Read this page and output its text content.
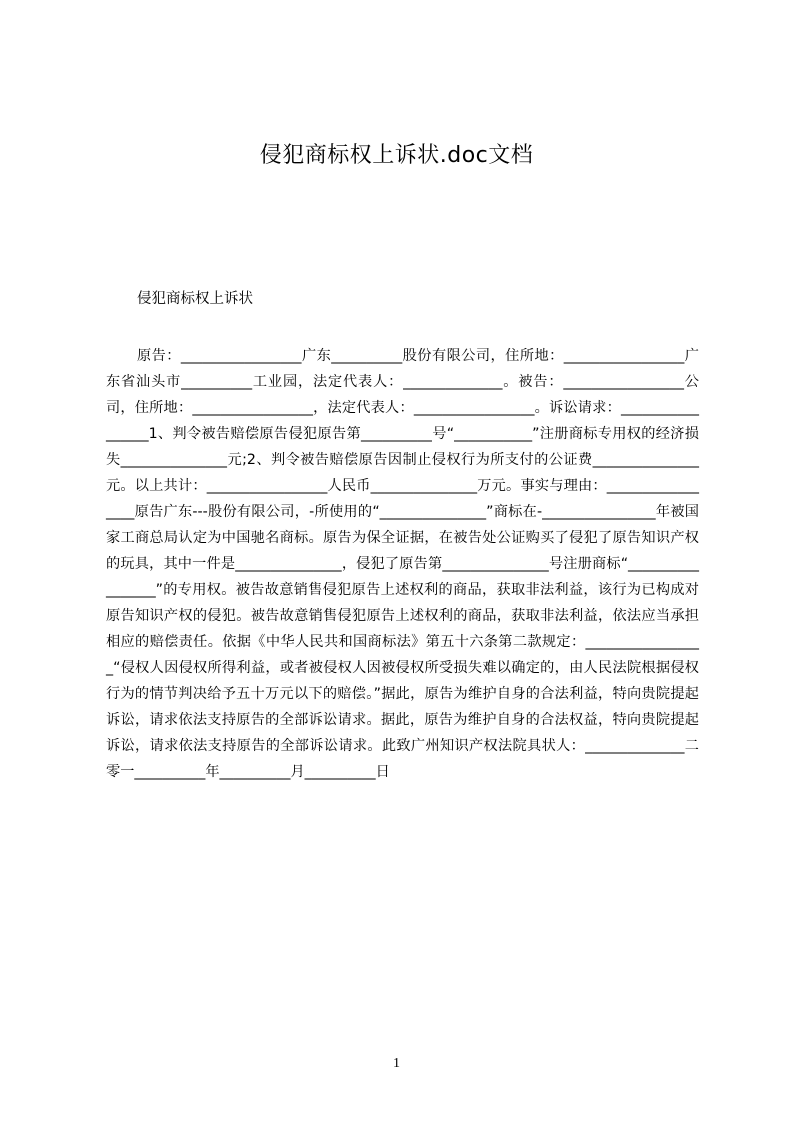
侵犯商标权上诉状.doc文档
侵犯商标权上诉状
原告：_________________广东__________股份有限公司，住所地：_________________广东省汕头市__________工业园，法定代表人：______________。被告：_________________公司，住所地：_________________，法定代表人：_________________。诉讼请求：_________________1、判令被告赔偿原告侵犯原告第__________号“___________”注册商标专用权的经济损失_______________元;2、判令被告赔偿原告因制止侵权行为所支付的公证费_______________元。以上共计：_________________人民币_______________万元。事实与理由：_________________原告广东---股份有限公司，-所使用的“_______________”商标在-________________年被国家工商总局认定为中国驰名商标。原告为保全证据，在被告处公证购买了侵犯了原告知识产权的玩具，其中一件是_______________，侵犯了原告第_______________号注册商标“_________________”的专用权。被告故意销售侵犯原告上述权利的商品，获取非法利益，该行为已构成对原告知识产权的侵犯。被告故意销售侵犯原告上述权利的商品，获取非法利益，依法应当承担相应的赔偿责任。依据《中华人民共和国商标法》第五十六条第二款规定：_________________“侵权人因侵权所得利益，或者被侵权人因被侵权所受损失难以确定的，由人民法院根据侵权行为的情节判决给予五十万元以下的赔偿。”据此，原告为维护自身的合法利益，特向贵院提起诉讼，请求依法支持原告的全部诉讼请求。据此，原告为维护自身的合法权益，特向贵院提起诉讼，请求依法支持原告的全部诉讼请求。此致广州知识产权法院具状人：______________二零一__________年__________月__________日
1
